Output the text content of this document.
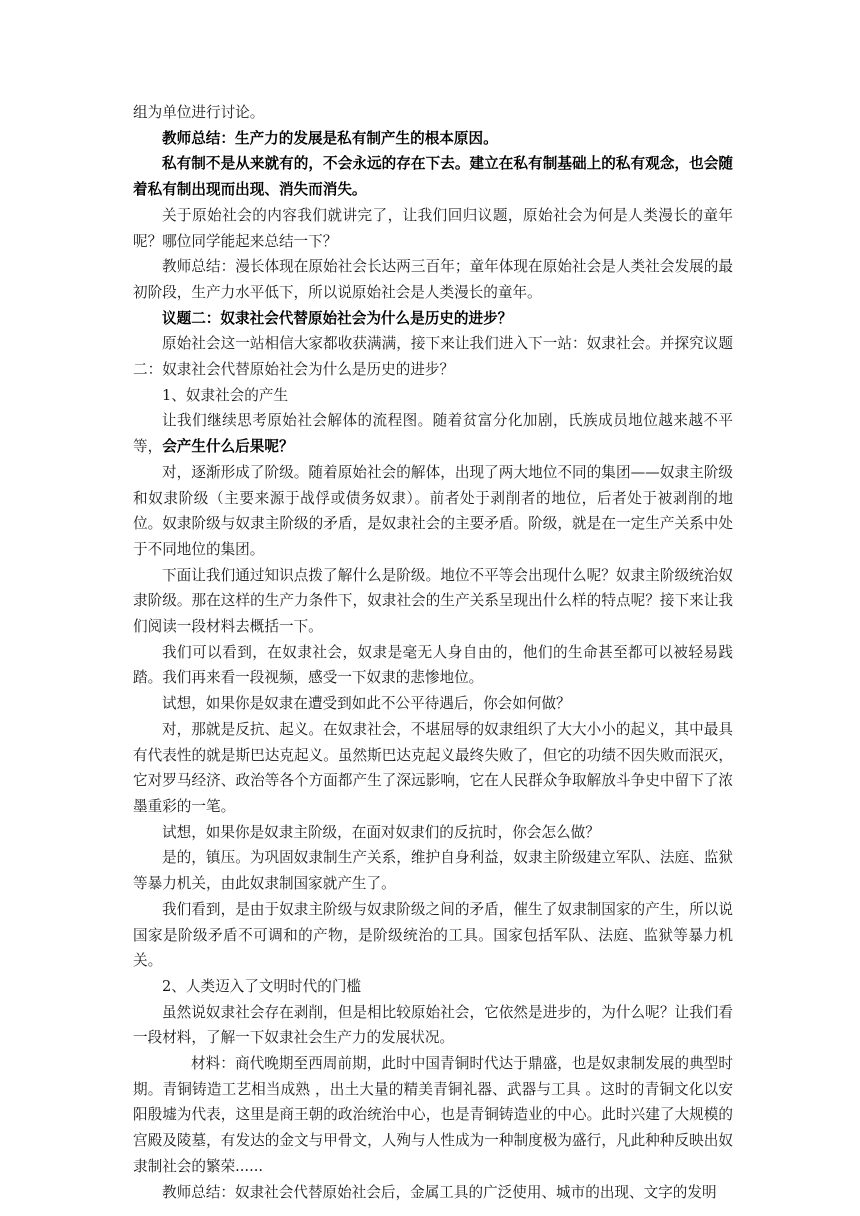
组为单位进行讨论。

教师总结：生产力的发展是私有制产生的根本原因。

私有制不是从来就有的，不会永远的存在下去。建立在私有制基础上的私有观念，也会随着私有制出现而出现、消失而消失。

关于原始社会的内容我们就讲完了，让我们回归议题，原始社会为何是人类漫长的童年呢？哪位同学能起来总结一下？

教师总结：漫长体现在原始社会长达两三百年；童年体现在原始社会是人类社会发展的最初阶段，生产力水平低下，所以说原始社会是人类漫长的童年。

议题二：奴隶社会代替原始社会为什么是历史的进步？

原始社会这一站相信大家都收获满满，接下来让我们进入下一站：奴隶社会。并探究议题二：奴隶社会代替原始社会为什么是历史的进步？

1、奴隶社会的产生

让我们继续思考原始社会解体的流程图。随着贫富分化加剧，氏族成员地位越来越不平等，会产生什么后果呢？

对，逐渐形成了阶级。随着原始社会的解体，出现了两大地位不同的集团——奴隶主阶级和奴隶阶级（主要来源于战俘或债务奴隶）。前者处于剥削者的地位，后者处于被剥削的地位。奴隶阶级与奴隶主阶级的矛盾，是奴隶社会的主要矛盾。阶级，就是在一定生产关系中处于不同地位的集团。

下面让我们通过知识点拨了解什么是阶级。地位不平等会出现什么呢？奴隶主阶级统治奴隶阶级。那在这样的生产力条件下，奴隶社会的生产关系呈现出什么样的特点呢？接下来让我们阅读一段材料去概括一下。

我们可以看到，在奴隶社会，奴隶是毫无人身自由的，他们的生命甚至都可以被轻易践踏。我们再来看一段视频，感受一下奴隶的悲惨地位。

试想，如果你是奴隶在遭受到如此不公平待遇后，你会如何做？

对，那就是反抗、起义。在奴隶社会，不堪屈辱的奴隶组织了大大小小的起义，其中最具有代表性的就是斯巴达克起义。虽然斯巴达克起义最终失败了，但它的功绩不因失败而泯灭，它对罗马经济、政治等各个方面都产生了深远影响，它在人民群众争取解放斗争史中留下了浓墨重彩的一笔。

试想，如果你是奴隶主阶级，在面对奴隶们的反抗时，你会怎么做？

是的，镇压。为巩固奴隶制生产关系，维护自身利益，奴隶主阶级建立军队、法庭、监狱等暴力机关，由此奴隶制国家就产生了。

我们看到，是由于奴隶主阶级与奴隶阶级之间的矛盾，催生了奴隶制国家的产生，所以说国家是阶级矛盾不可调和的产物，是阶级统治的工具。国家包括军队、法庭、监狱等暴力机关。

2、人类迈入了文明时代的门槛

虽然说奴隶社会存在剥削，但是相比较原始社会，它依然是进步的，为什么呢？让我们看一段材料，了解一下奴隶社会生产力的发展状况。

材料：商代晚期至西周前期，此时中国青铜时代达于鼎盛，也是奴隶制发展的典型时期。青铜铸造工艺相当成熟 ，出土大量的精美青铜礼器、武器与工具 。这时的青铜文化以安阳殷墟为代表，这里是商王朝的政治统治中心，也是青铜铸造业的中心。此时兴建了大规模的宫殿及陵墓，有发达的金文与甲骨文，人殉与人性成为一种制度极为盛行，凡此种种反映出奴隶制社会的繁荣......

教师总结：奴隶社会代替原始社会后，金属工具的广泛使用、城市的出现、文字的发明
